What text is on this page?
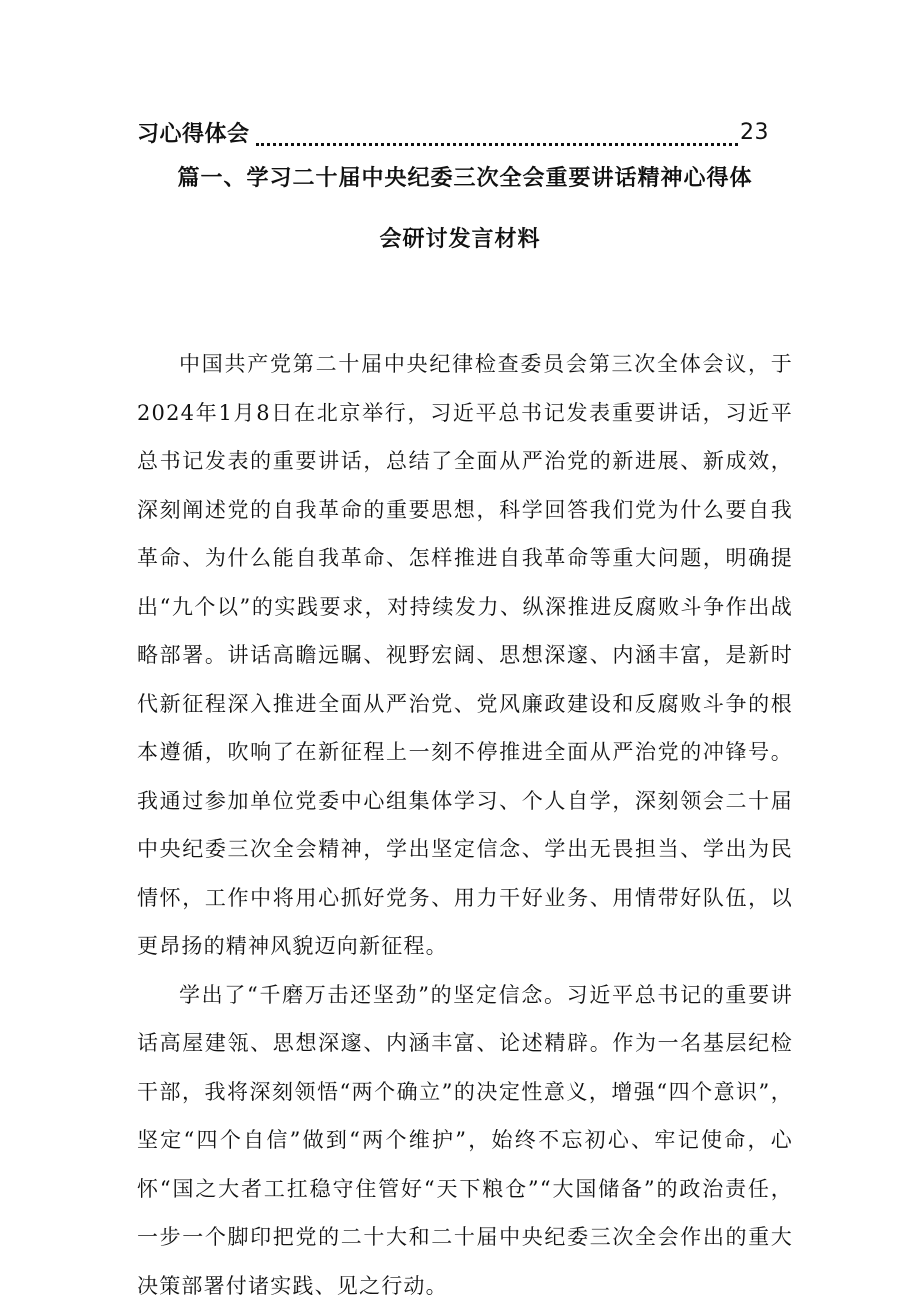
习心得体会	23
篇一、学习二十届中央纪委三次全会重要讲话精神心得体
会研讨发言材料

中国共产党第二十届中央纪律检查委员会第三次全体会议，于2024年1月8日在北京举行，习近平总书记发表重要讲话，习近平总书记发表的重要讲话，总结了全面从严治党的新进展、新成效，深刻阐述党的自我革命的重要思想，科学回答我们党为什么要自我革命、为什么能自我革命、怎样推进自我革命等重大问题，明确提出“九个以”的实践要求，对持续发力、纵深推进反腐败斗争作出战略部署。讲话高瞻远瞩、视野宏阔、思想深邃、内涵丰富，是新时代新征程深入推进全面从严治党、党风廉政建设和反腐败斗争的根本遵循，吹响了在新征程上一刻不停推进全面从严治党的冲锋号。我通过参加单位党委中心组集体学习、个人自学，深刻领会二十届中央纪委三次全会精神，学出坚定信念、学出无畏担当、学出为民情怀，工作中将用心抓好党务、用力干好业务、用情带好队伍，以更昂扬的精神风貌迈向新征程。

学出了“千磨万击还坚劲”的坚定信念。习近平总书记的重要讲话高屋建瓴、思想深邃、内涵丰富、论述精辟。作为一名基层纪检干部，我将深刻领悟“两个确立”的决定性意义，增强“四个意识”，坚定“四个自信”做到“两个维护”，始终不忘初心、牢记使命，心怀“国之大者工扛稳守住管好“天下粮仓”“大国储备”的政治责任，一步一个脚印把党的二十大和二十届中央纪委三次全会作出的重大决策部署付诸实践、见之行动。
